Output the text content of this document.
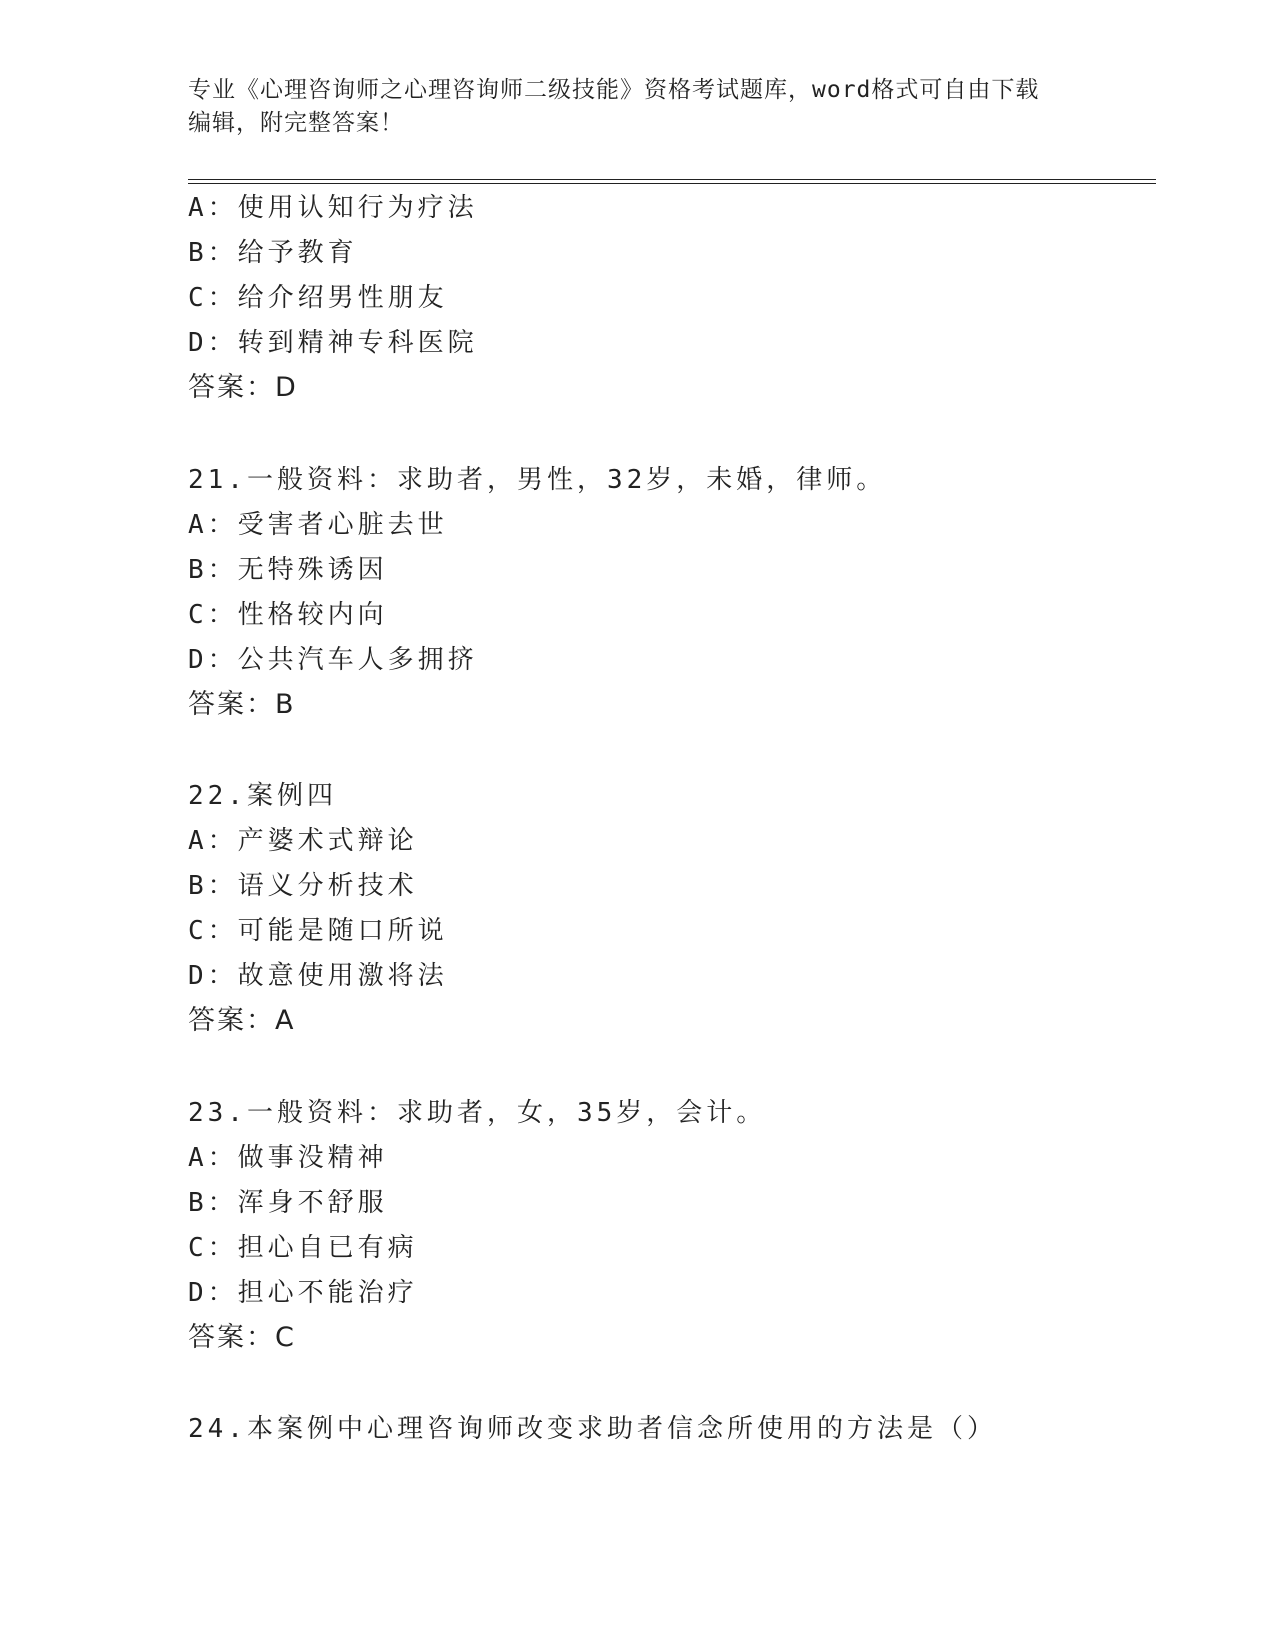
专业《心理咨询师之心理咨询师二级技能》资格考试题库，word格式可自由下载
编辑，附完整答案！
A：使用认知行为疗法
B：给予教育
C：给介绍男性朋友
D：转到精神专科医院
答案：D
21.一般资料：求助者，男性，32岁，未婚，律师。
A：受害者心脏去世
B：无特殊诱因
C：性格较内向
D：公共汽车人多拥挤
答案：B
22.案例四
A：产婆术式辩论
B：语义分析技术
C：可能是随口所说
D：故意使用激将法
答案：A
23.一般资料：求助者，女，35岁，会计。
A：做事没精神
B：浑身不舒服
C：担心自已有病
D：担心不能治疗
答案：C
24.本案例中心理咨询师改变求助者信念所使用的方法是（）
